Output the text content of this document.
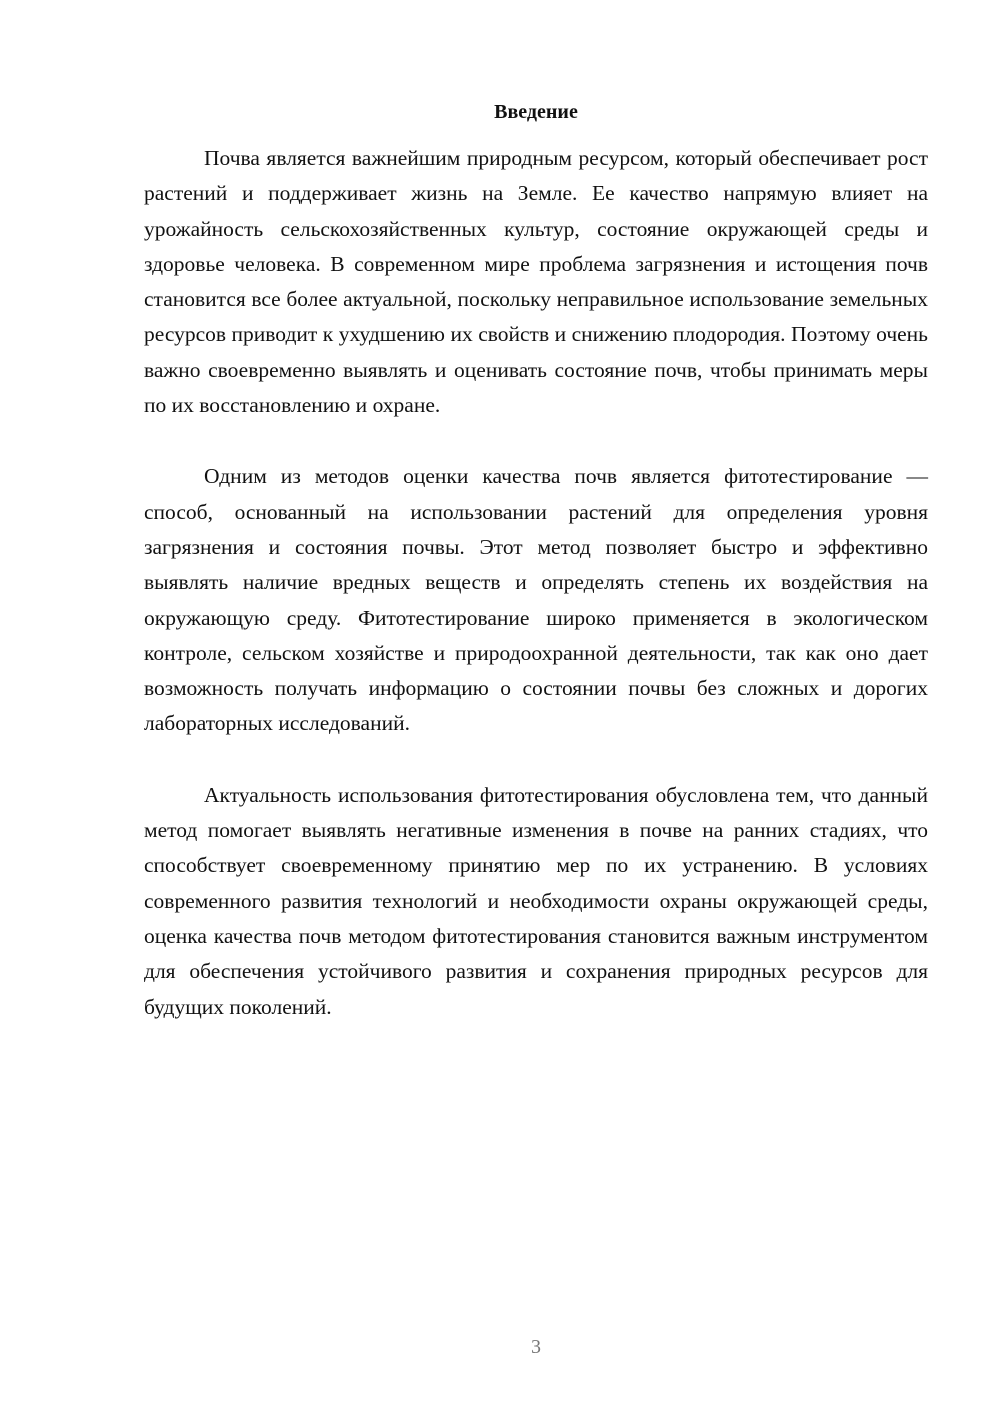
Введение

Почва является важнейшим природным ресурсом, который обеспечивает рост растений и поддерживает жизнь на Земле. Ее качество напрямую влияет на урожайность сельскохозяйственных культур, состояние окружающей среды и здоровье человека. В современном мире проблема загрязнения и истощения почв становится все более актуальной, поскольку неправильное использование земельных ресурсов приводит к ухудшению их свойств и снижению плодородия. Поэтому очень важно своевременно выявлять и оценивать состояние почв, чтобы принимать меры по их восстановлению и охране.

Одним из методов оценки качества почв является фитотестирование — способ, основанный на использовании растений для определения уровня загрязнения и состояния почвы. Этот метод позволяет быстро и эффективно выявлять наличие вредных веществ и определять степень их воздействия на окружающую среду. Фитотестирование широко применяется в экологическом контроле, сельском хозяйстве и природоохранной деятельности, так как оно дает возможность получать информацию о состоянии почвы без сложных и дорогих лабораторных исследований.

Актуальность использования фитотестирования обусловлена тем, что данный метод помогает выявлять негативные изменения в почве на ранних стадиях, что способствует своевременному принятию мер по их устранению. В условиях современного развития технологий и необходимости охраны окружающей среды, оценка качества почв методом фитотестирования становится важным инструментом для обеспечения устойчивого развития и сохранения природных ресурсов для будущих поколений.

3
